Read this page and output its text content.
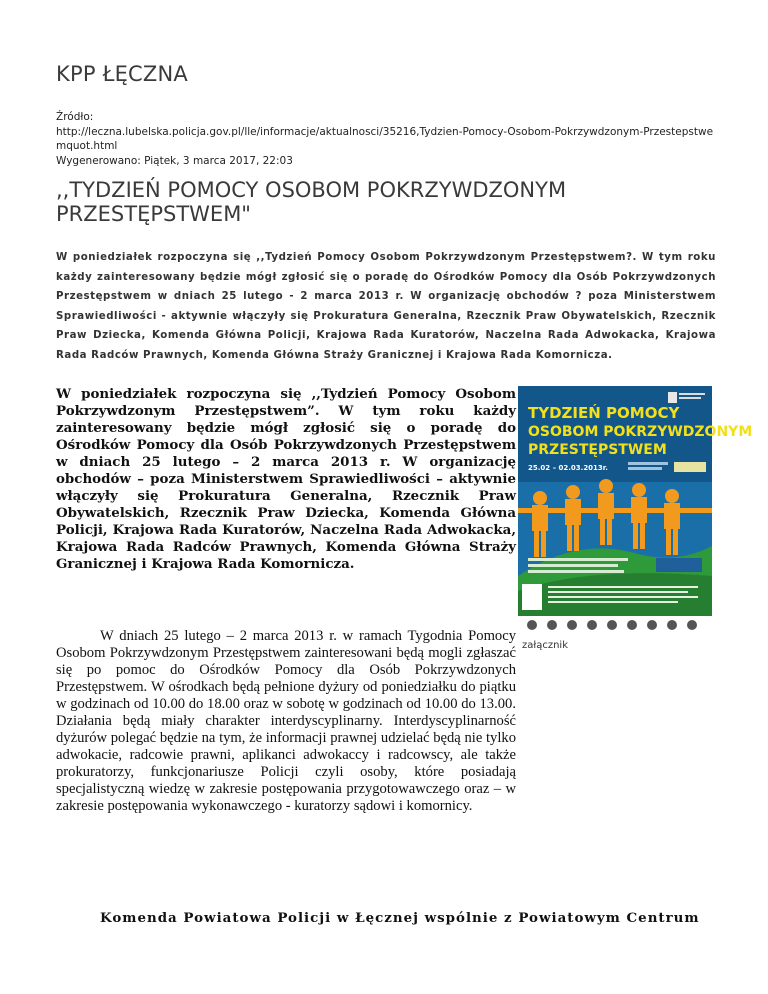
KPP ŁĘCZNA
Źródło:
http://leczna.lubelska.policja.gov.pl/lle/informacje/aktualnosci/35216,Tydzien-Pomocy-Osobom-Pokrzywdzonym-Przestepstwe
mquot.html
Wygenerowano: Piątek, 3 marca 2017, 22:03
,,TYDZIEŃ POMOCY OSOBOM POKRZYWDZONYM PRZESTĘPSTWEM"

W poniedziałek rozpoczyna się ,,Tydzień Pomocy Osobom Pokrzywdzonym Przestępstwem?. W tym roku każdy zainteresowany będzie mógł zgłosić się o poradę do Ośrodków Pomocy dla Osób Pokrzywdzonych Przestępstwem w dniach 25 lutego - 2 marca 2013 r. W organizację obchodów ? poza Ministerstwem Sprawiedliwości - aktywnie włączyły się Prokuratura Generalna, Rzecznik Praw Obywatelskich, Rzecznik Praw Dziecka, Komenda Główna Policji, Krajowa Rada Kuratorów, Naczelna Rada Adwokacka, Krajowa Rada Radców Prawnych, Komenda Główna Straży Granicznej i Krajowa Rada Komornicza.

W poniedziałek rozpoczyna się ,,Tydzień Pomocy Osobom Pokrzywdzonym Przestępstwem”. W tym roku każdy zainteresowany będzie mógł zgłosić się o poradę do Ośrodków Pomocy dla Osób Pokrzywdzonych Przestępstwem w dniach 25 lutego – 2 marca 2013 r. W organizację obchodów – poza Ministerstwem Sprawiedliwości – aktywnie włączyły się Prokuratura Generalna, Rzecznik Praw Obywatelskich, Rzecznik Praw Dziecka, Komenda Główna Policji, Krajowa Rada Kuratorów, Naczelna Rada Adwokacka, Krajowa Rada Radców Prawnych, Komenda Główna Straży Granicznej i Krajowa Rada Komornicza.

TYDZIEŃ POMOCY
OSOBOM POKRZYWDZONYM
PRZESTĘPSTWEM
25.02 – 02.03.2013r.
załącznik

W dniach 25 lutego – 2 marca 2013 r. w ramach Tygodnia Pomocy Osobom Pokrzywdzonym Przestępstwem zainteresowani będą mogli zgłaszać się po pomoc do Ośrodków Pomocy dla Osób Pokrzywdzonych Przestępstwem. W ośrodkach będą pełnione dyżury od poniedziałku do piątku w godzinach od 10.00 do 18.00 oraz w sobotę w godzinach od 10.00 do 13.00. Działania będą miały charakter interdyscyplinarny. Interdyscyplinarność dyżurów polegać będzie na tym, że informacji prawnej udzielać będą nie tylko adwokacie, radcowie prawni, aplikanci adwokaccy i radcowscy, ale także prokuratorzy, funkcjonariusze Policji czyli osoby, które posiadają specjalistyczną wiedzę w zakresie postępowania przygotowawczego oraz – w zakresie postępowania wykonawczego - kuratorzy sądowi i komornicy.

Komenda Powiatowa Policji w Łęcznej wspólnie z Powiatowym Centrum
